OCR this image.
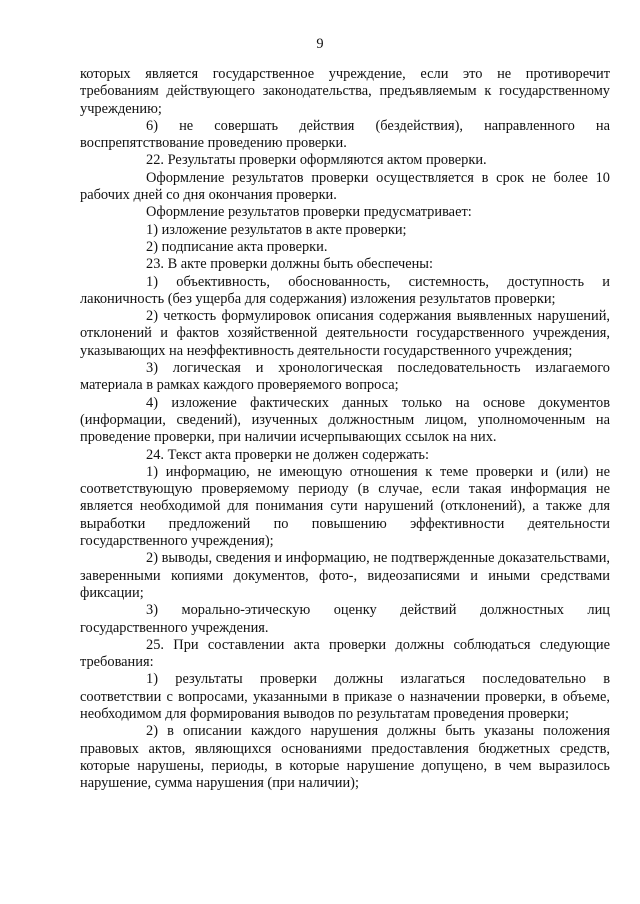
9

которых является государственное учреждение, если это не противоречит требованиям действующего законодательства, предъявляемым к государственному учреждению;

6) не совершать действия (бездействия), направленного на воспрепятствование проведению проверки.

22. Результаты проверки оформляются актом проверки.

Оформление результатов проверки осуществляется в срок не более 10 рабочих дней со дня окончания проверки.

Оформление результатов проверки предусматривает:

1) изложение результатов в акте проверки;

2) подписание акта проверки.

23. В акте проверки должны быть обеспечены:

1) объективность, обоснованность, системность, доступность и лаконичность (без ущерба для содержания) изложения результатов проверки;

2) четкость формулировок описания содержания выявленных нарушений, отклонений и фактов хозяйственной деятельности государственного учреждения, указывающих на неэффективность деятельности государственного учреждения;

3) логическая и хронологическая последовательность излагаемого материала в рамках каждого проверяемого вопроса;

4) изложение фактических данных только на основе документов (информации, сведений), изученных должностным лицом, уполномоченным на проведение проверки, при наличии исчерпывающих ссылок на них.

24. Текст акта проверки не должен содержать:

1) информацию, не имеющую отношения к теме проверки и (или) не соответствующую проверяемому периоду (в случае, если такая информация не является необходимой для понимания сути нарушений (отклонений), а также для выработки предложений по повышению эффективности деятельности государственного учреждения);

2) выводы, сведения и информацию, не подтвержденные доказательствами, заверенными копиями документов, фото-, видеозаписями и иными средствами фиксации;

3) морально-этическую оценку действий должностных лиц государственного учреждения.

25. При составлении акта проверки должны соблюдаться следующие требования:

1) результаты проверки должны излагаться последовательно в соответствии с вопросами, указанными в приказе о назначении проверки, в объеме, необходимом для формирования выводов по результатам проведения проверки;

2) в описании каждого нарушения должны быть указаны положения правовых актов, являющихся основаниями предоставления бюджетных средств, которые нарушены, периоды, в которые нарушение допущено, в чем выразилось нарушение, сумма нарушения (при наличии);
